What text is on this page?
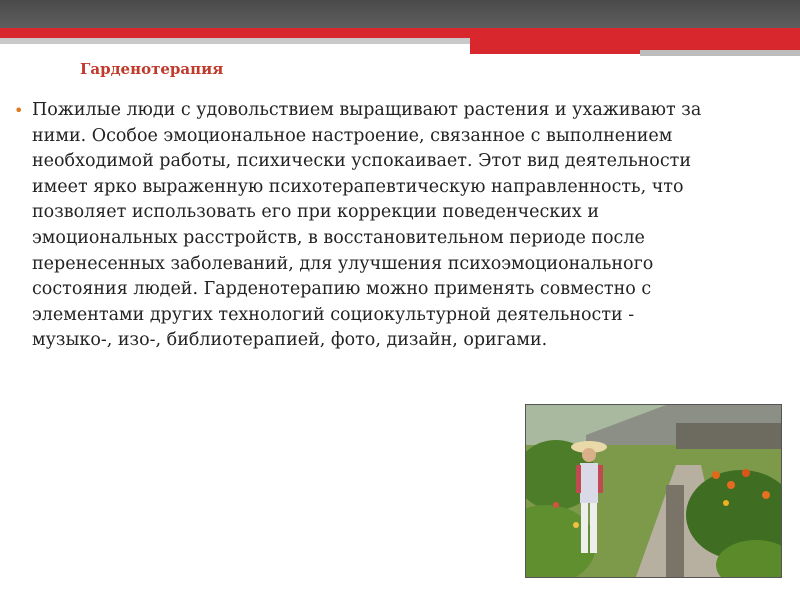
Гарденотерапия
• Пожилые люди с удовольствием выращивают растения и ухаживают за ними. Особое эмоциональное настроение, связанное с выполнением необходимой работы, психически успокаивает. Этот вид деятельности имеет ярко выраженную психотерапевтическую направленность, что позволяет использовать его при коррекции поведенческих и эмоциональных расстройств, в восстановительном периоде после перенесенных заболеваний, для улучшения психоэмоционального состояния людей. Гарденотерапию можно применять совместно с элементами других технологий социокультурной деятельности - музыко-, изо-, библиотерапией, фото, дизайн, оригами.
